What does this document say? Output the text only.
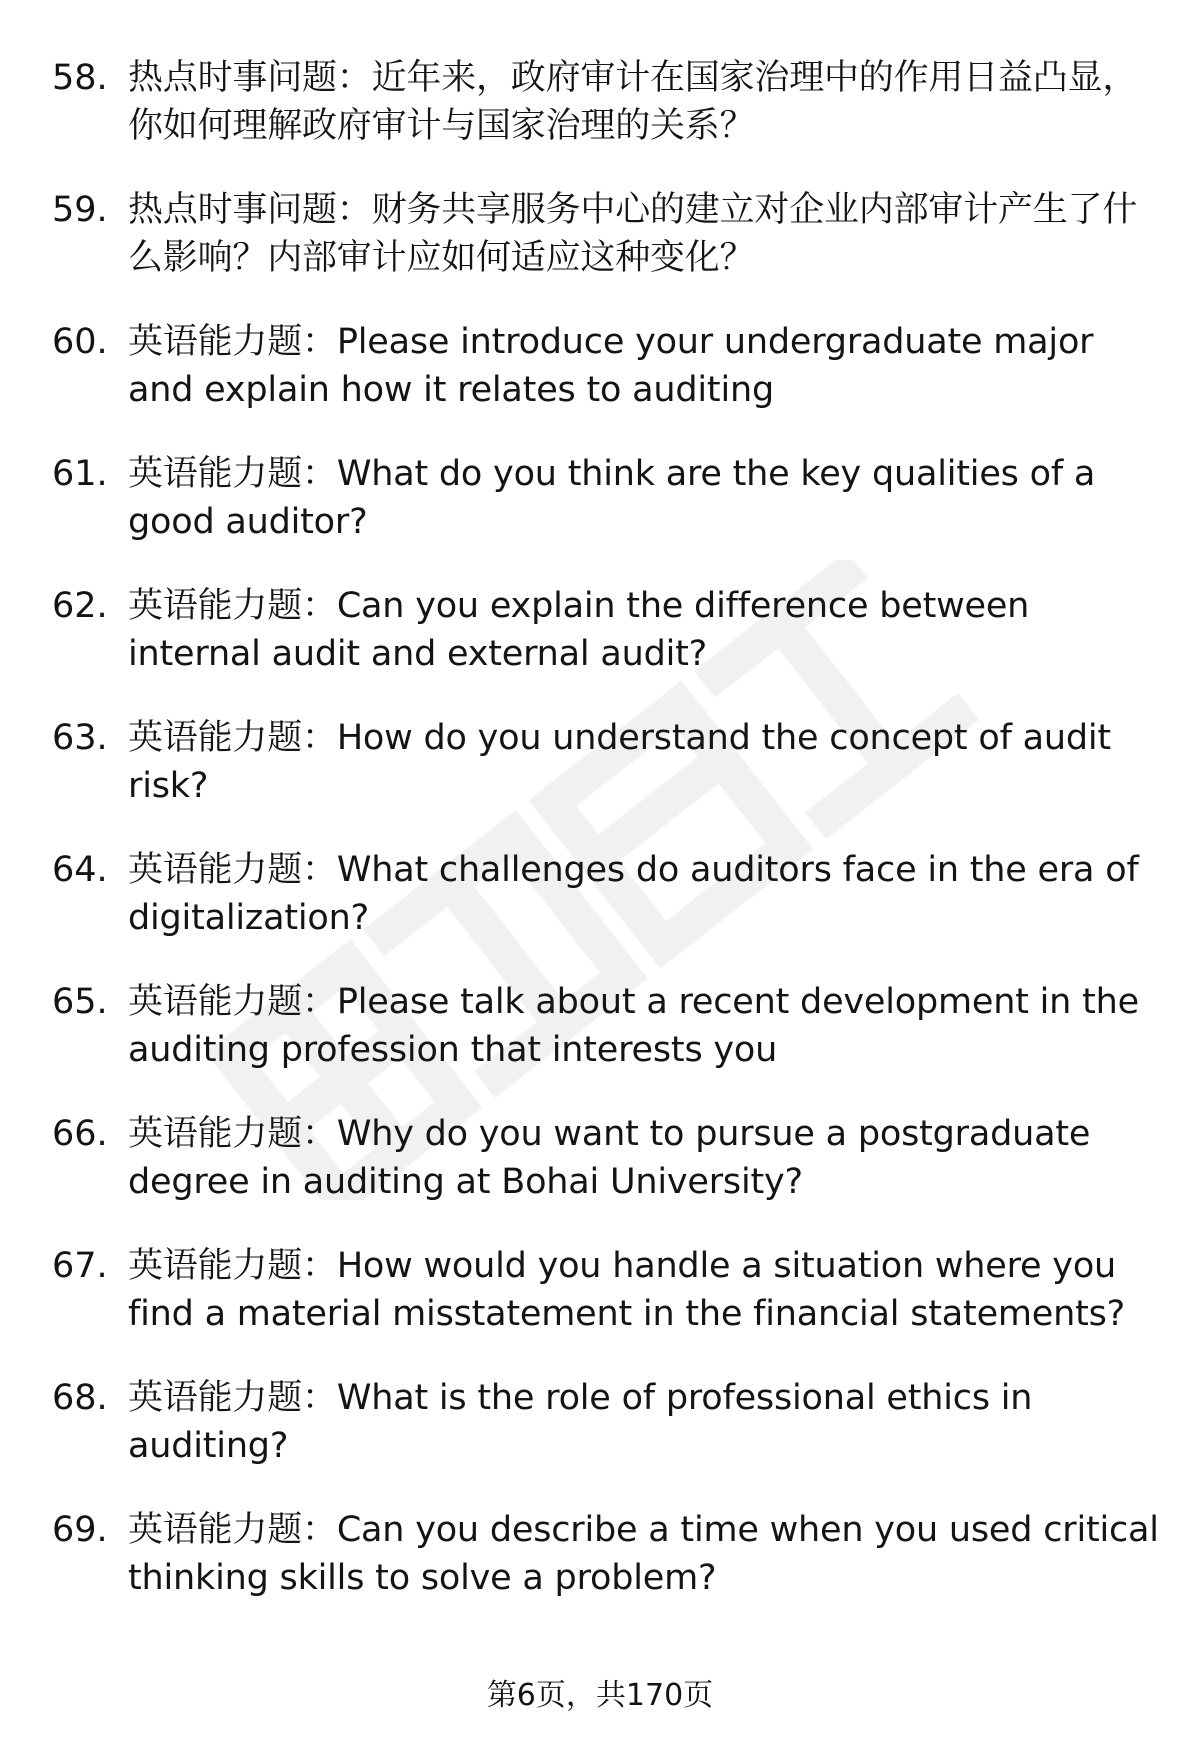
58. 热点时事问题：近年来，政府审计在国家治理中的作用日益凸显，你如何理解政府审计与国家治理的关系？
59. 热点时事问题：财务共享服务中心的建立对企业内部审计产生了什么影响？内部审计应如何适应这种变化？
60. 英语能力题：Please introduce your undergraduate major and explain how it relates to auditing
61. 英语能力题：What do you think are the key qualities of a good auditor?
62. 英语能力题：Can you explain the difference between internal audit and external audit?
63. 英语能力题：How do you understand the concept of audit risk?
64. 英语能力题：What challenges do auditors face in the era of digitalization?
65. 英语能力题：Please talk about a recent development in the auditing profession that interests you
66. 英语能力题：Why do you want to pursue a postgraduate degree in auditing at Bohai University?
67. 英语能力题：How would you handle a situation where you find a material misstatement in the financial statements?
68. 英语能力题：What is the role of professional ethics in auditing?
69. 英语能力题：Can you describe a time when you used critical thinking skills to solve a problem?
第6页，共170页
